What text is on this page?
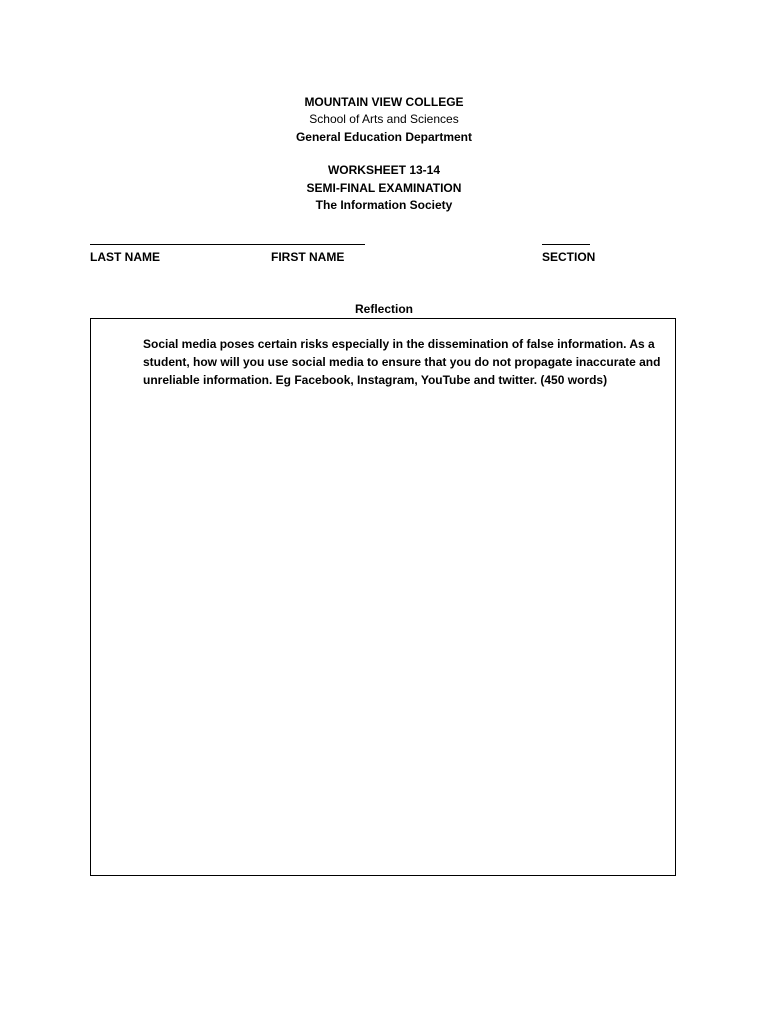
MOUNTAIN VIEW COLLEGE
School of Arts and Sciences
General Education Department
WORKSHEET 13-14
SEMI-FINAL EXAMINATION
The Information Society
LAST NAME	FIRST NAME	SECTION
Reflection
Social media poses certain risks especially in the dissemination of false information. As a student, how will you use social media to ensure that you do not propagate inaccurate and unreliable information. Eg Facebook, Instagram, YouTube and twitter. (450 words)
